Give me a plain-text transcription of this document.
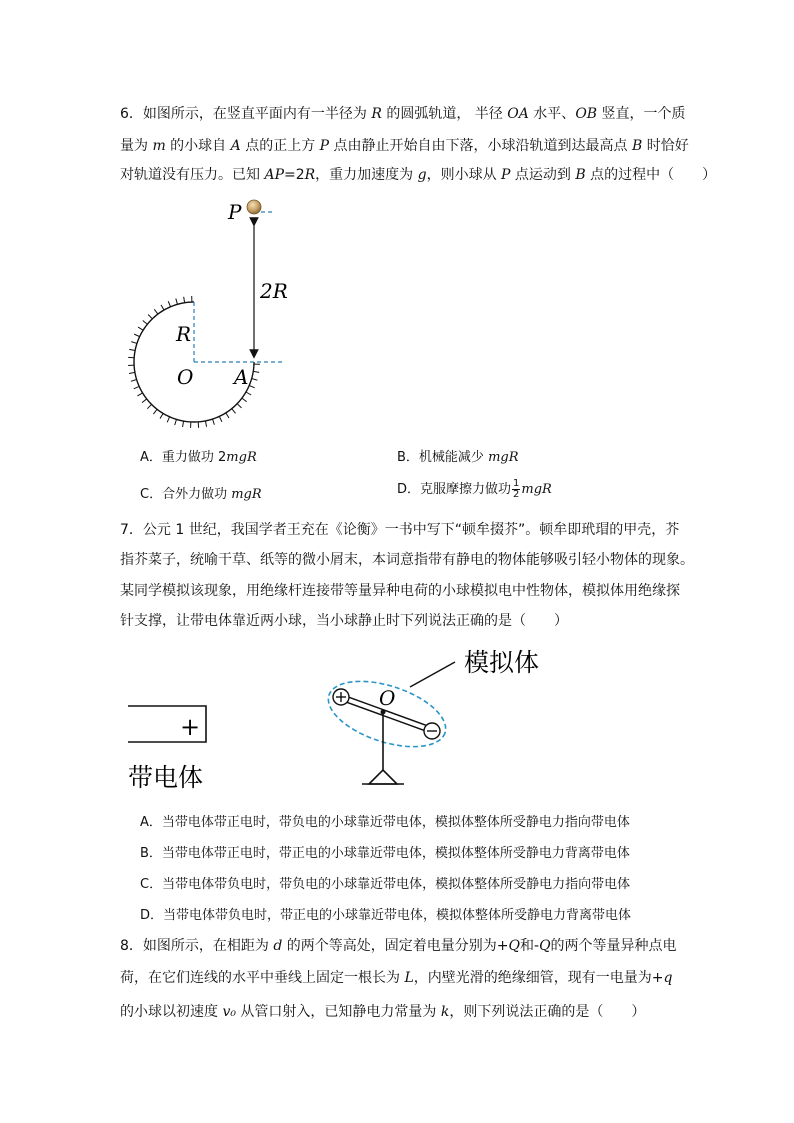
6．如图所示，在竖直平面内有一半径为 R 的圆弧轨道， 半径 OA 水平、OB 竖直，一个质
量为 m 的小球自 A 点的正上方 P 点由静止开始自由下落，小球沿轨道到达最高点 B 时恰好
对轨道没有压力。已知 AP=2R，重力加速度为 g，则小球从 P 点运动到 B 点的过程中（　　）
P
2R
R
O A
A．重力做功 2mgR	B．机械能减少 mgR
C．合外力做功 mgR	D．克服摩擦力做功 $\frac{1}{2}$ mgR
7．公元 1 世纪，我国学者王充在《论衡》一书中写下“顿牟掇芥”。顿牟即玳瑁的甲壳，芥
指芥菜子，统喻干草、纸等的微小屑末，本词意指带有静电的物体能够吸引轻小物体的现象。
某同学模拟该现象，用绝缘杆连接带等量异种电荷的小球模拟电中性物体，模拟体用绝缘探
针支撑，让带电体靠近两小球，当小球静止时下列说法正确的是（　　）
+
带电体
O
模拟体
A．当带电体带正电时，带负电的小球靠近带电体，模拟体整体所受静电力指向带电体
B．当带电体带正电时，带正电的小球靠近带电体，模拟体整体所受静电力背离带电体
C．当带电体带负电时，带负电的小球靠近带电体，模拟体整体所受静电力指向带电体
D．当带电体带负电时，带正电的小球靠近带电体，模拟体整体所受静电力背离带电体
8．如图所示，在相距为 d 的两个等高处，固定着电量分别为+Q和-Q的两个等量异种点电
荷，在它们连线的水平中垂线上固定一根长为 L，内壁光滑的绝缘细管，现有一电量为+q
的小球以初速度 v₀ 从管口射入，已知静电力常量为 k，则下列说法正确的是（　　）
